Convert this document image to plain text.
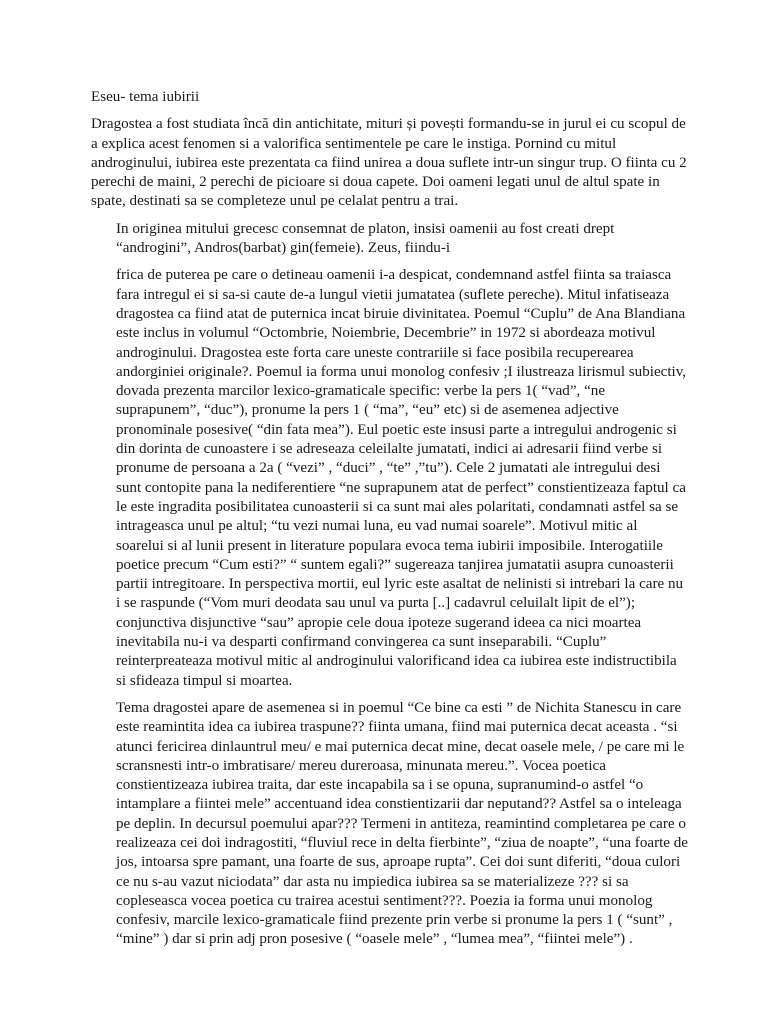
Eseu- tema iubirii

Dragostea a fost studiata încă din antichitate, mituri și povești formandu-se in jurul ei cu scopul de a explica acest fenomen si a valorifica sentimentele pe care le instiga. Pornind cu mitul androginului, iubirea este prezentata ca fiind unirea a doua suflete intr-un singur trup. O fiinta cu 2 perechi de maini, 2 perechi de picioare si doua capete. Doi oameni legati unul de altul spate in spate, destinati sa se completeze unul pe celalat pentru a trai.

In originea mitului grecesc consemnat de platon, insisi oamenii au fost creati drept “androgini”, Andros(barbat) gin(femeie). Zeus, fiindu-i

frica de puterea pe care o detineau oamenii i-a despicat, condemnand astfel fiinta sa traiasca fara intregul ei si sa-si caute de-a lungul vietii jumatatea (suflete pereche). Mitul infatiseaza dragostea ca fiind atat de puternica incat biruie divinitatea. Poemul “Cuplu” de Ana Blandiana este inclus in volumul “Octombrie, Noiembrie, Decembrie” in 1972 si abordeaza motivul androginului. Dragostea este forta care uneste contrariile si face posibila recuperearea andorginiei originale?. Poemul ia forma unui monolog confesiv ;I ilustreaza lirismul subiectiv, dovada prezenta marcilor lexico-gramaticale specific: verbe la pers 1( “vad”, “ne suprapunem”, “duc”), pronume la pers 1 ( “ma”, “eu” etc) si de asemenea adjective pronominale posesive( “din fata mea”). Eul poetic este insusi parte a intregului androgenic si din dorinta de cunoastere i se adreseaza celeilalte jumatati, indici ai adresarii fiind verbe si pronume de persoana a 2a ( “vezi” , “duci” , “te” ,”tu”). Cele 2 jumatati ale intregului desi sunt contopite pana la nediferentiere “ne suprapunem atat de perfect” constientizeaza faptul ca le este ingradita posibilitatea cunoasterii si ca sunt mai ales polaritati, condamnati astfel sa se intrageasca unul pe altul; “tu vezi numai luna, eu vad numai soarele”. Motivul mitic al soarelui si al lunii present in literature populara evoca tema iubirii imposibile. Interogatiile poetice precum “Cum esti?” “ suntem egali?” sugereaza tanjirea jumatatii asupra cunoasterii partii intregitoare. In perspectiva mortii, eul lyric este asaltat de nelinisti si intrebari la care nu i se raspunde (“Vom muri deodata sau unul va purta [..] cadavrul celuilalt lipit de el”); conjunctiva disjunctive “sau” apropie cele doua ipoteze sugerand ideea ca nici moartea inevitabila nu-i va desparti confirmand convingerea ca sunt inseparabili. “Cuplu” reinterpreateaza motivul mitic al androginului valorificand idea ca iubirea este indistructibila si sfideaza timpul si moartea.

Tema dragostei apare de asemenea si in poemul “Ce bine ca esti ” de Nichita Stanescu in care este reamintita idea ca iubirea traspune?? fiinta umana, fiind mai puternica decat aceasta . “si atunci fericirea dinlauntrul meu/ e mai puternica decat mine, decat oasele mele, / pe care mi le scransnesti intr-o imbratisare/ mereu dureroasa, minunata mereu.”. Vocea poetica constientizeaza iubirea traita, dar este incapabila sa i se opuna, supranumind-o astfel “o intamplare a fiintei mele” accentuand idea constientizarii dar neputand?? Astfel sa o inteleaga pe deplin. In decursul poemului apar??? Termeni in antiteza, reamintind completarea pe care o realizeaza cei doi indragostiti, “fluviul rece in delta fierbinte”, “ziua de noapte”, “una foarte de jos, intoarsa spre pamant, una foarte de sus, aproape rupta”. Cei doi sunt diferiti, “doua culori ce nu s-au vazut niciodata” dar asta nu impiedica iubirea sa se materializeze ??? si sa copleseasca vocea poetica cu trairea acestui sentiment???. Poezia ia forma unui monolog confesiv, marcile lexico-gramaticale fiind prezente prin verbe si pronume la pers 1 ( “sunt” , “mine” ) dar si prin adj pron posesive ( “oasele mele” , “lumea mea”, “fiintei mele”) .
